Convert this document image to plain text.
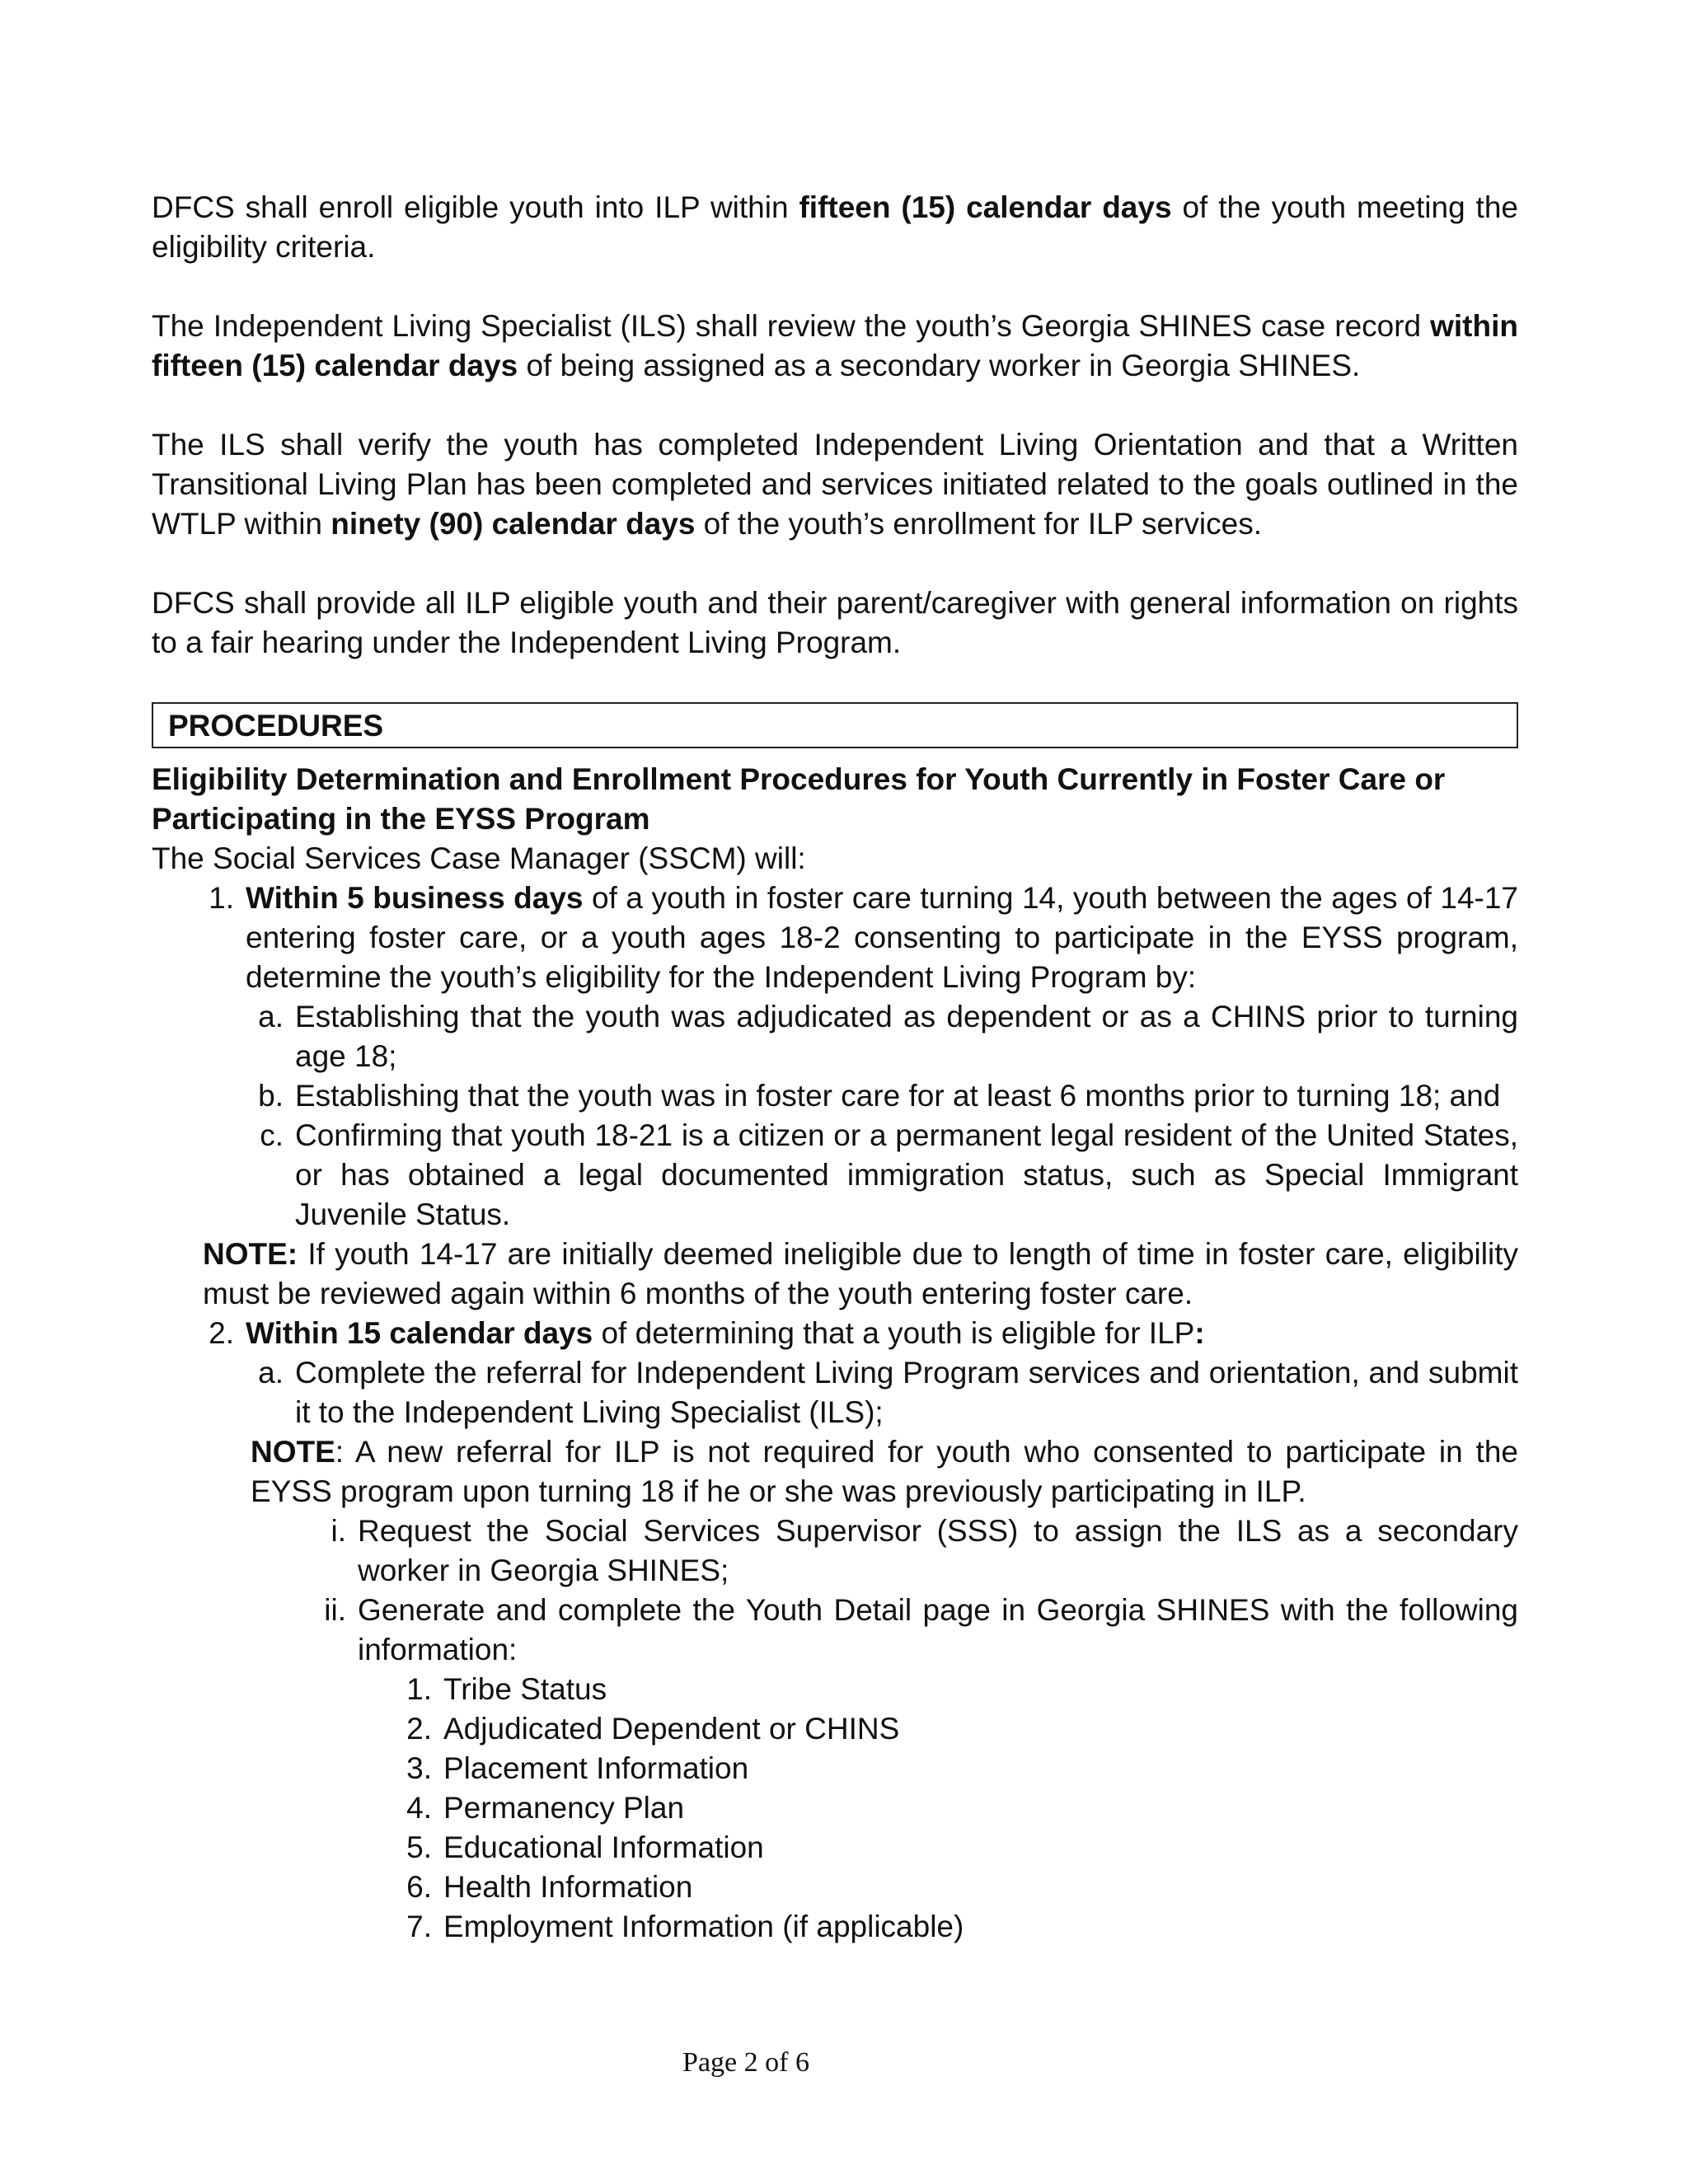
DFCS shall enroll eligible youth into ILP within fifteen (15) calendar days of the youth meeting the eligibility criteria.

The Independent Living Specialist (ILS) shall review the youth’s Georgia SHINES case record within fifteen (15) calendar days of being assigned as a secondary worker in Georgia SHINES.

The ILS shall verify the youth has completed Independent Living Orientation and that a Written Transitional Living Plan has been completed and services initiated related to the goals outlined in the WTLP within ninety (90) calendar days of the youth’s enrollment for ILP services.

DFCS shall provide all ILP eligible youth and their parent/caregiver with general information on rights to a fair hearing under the Independent Living Program.

PROCEDURES

Eligibility Determination and Enrollment Procedures for Youth Currently in Foster Care or Participating in the EYSS Program

The Social Services Case Manager (SSCM) will:

1. Within 5 business days of a youth in foster care turning 14, youth between the ages of 14-17 entering foster care, or a youth ages 18-2 consenting to participate in the EYSS program, determine the youth’s eligibility for the Independent Living Program by:
a. Establishing that the youth was adjudicated as dependent or as a CHINS prior to turning age 18;
b. Establishing that the youth was in foster care for at least 6 months prior to turning 18; and
c. Confirming that youth 18-21 is a citizen or a permanent legal resident of the United States, or has obtained a legal documented immigration status, such as Special Immigrant Juvenile Status.

NOTE: If youth 14-17 are initially deemed ineligible due to length of time in foster care, eligibility must be reviewed again within 6 months of the youth entering foster care.

2. Within 15 calendar days of determining that a youth is eligible for ILP:
a. Complete the referral for Independent Living Program services and orientation, and submit it to the Independent Living Specialist (ILS);

NOTE: A new referral for ILP is not required for youth who consented to participate in the EYSS program upon turning 18 if he or she was previously participating in ILP.

i. Request the Social Services Supervisor (SSS) to assign the ILS as a secondary worker in Georgia SHINES;
ii. Generate and complete the Youth Detail page in Georgia SHINES with the following information:
1. Tribe Status
2. Adjudicated Dependent or CHINS
3. Placement Information
4. Permanency Plan
5. Educational Information
6. Health Information
7. Employment Information (if applicable)
Page 2 of 6
